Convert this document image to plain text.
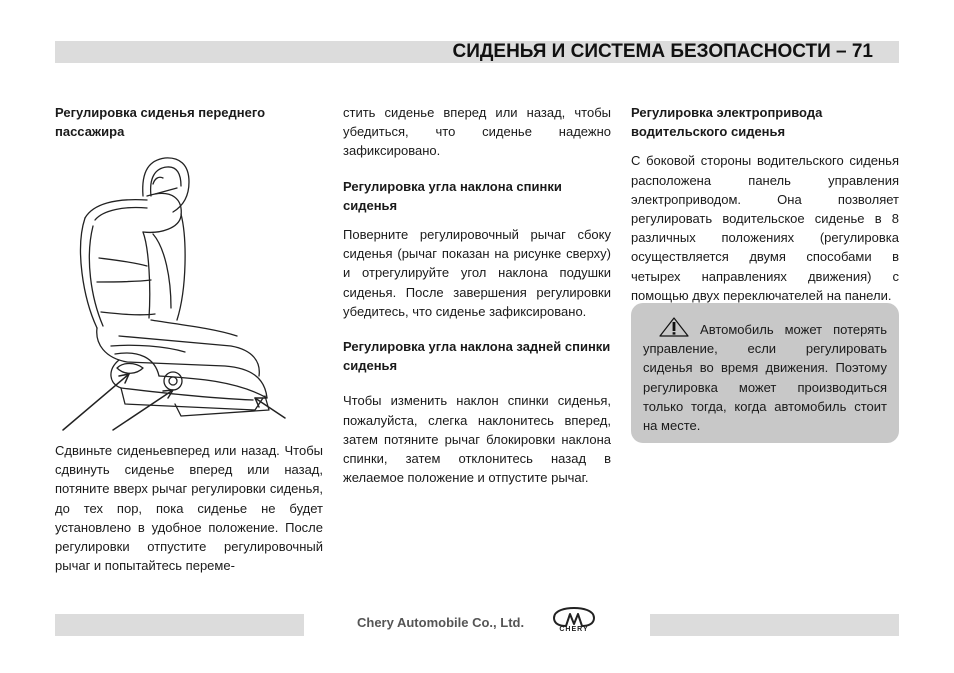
СИДЕНЬЯ И СИСТЕМА БЕЗОПАСНОСТИ – 71
Регулировка сиденья переднего пассажира

Сдвиньте сиденьевперед или назад. Чтобы сдвинуть сиденье вперед или назад, потяните вверх рычаг регулировки сиденья, до тех пор, пока сиденье не будет установлено в удобное положение. После регулировки отпустите регулировочный рычаг и попытайтесь переме-

стить сиденье вперед или назад, чтобы убедиться, что сиденье надежно зафиксировано.

Регулировка угла наклона спинки сиденья

Поверните регулировочный рычаг сбоку сиденья (рычаг показан на рисунке сверху) и отрегулируйте угол наклона подушки сиденья. После завершения регулировки убедитесь, что сиденье зафиксировано.

Регулировка угла наклона задней спинки сиденья

Чтобы изменить наклон спинки сиденья, пожалуйста, слегка наклонитесь вперед, затем потяните рычаг блокировки наклона спинки, затем отклонитесь назад в желаемое положение и отпустите рычаг.

Регулировка электропривода водительского сиденья

С боковой стороны водительского сиденья расположена панель управления электроприводом. Она позволяет регулировать водительское сиденье в 8 различных положениях (регулировка осуществляется двумя способами в четырех направлениях движения) с помощью двух переключателей на панели.

Автомобиль может потерять управление, если регулировать сиденья во время движения. Поэтому регулировка может производиться только тогда, когда автомобиль стоит на месте.

Chery Automobile Co., Ltd.	CHERY
